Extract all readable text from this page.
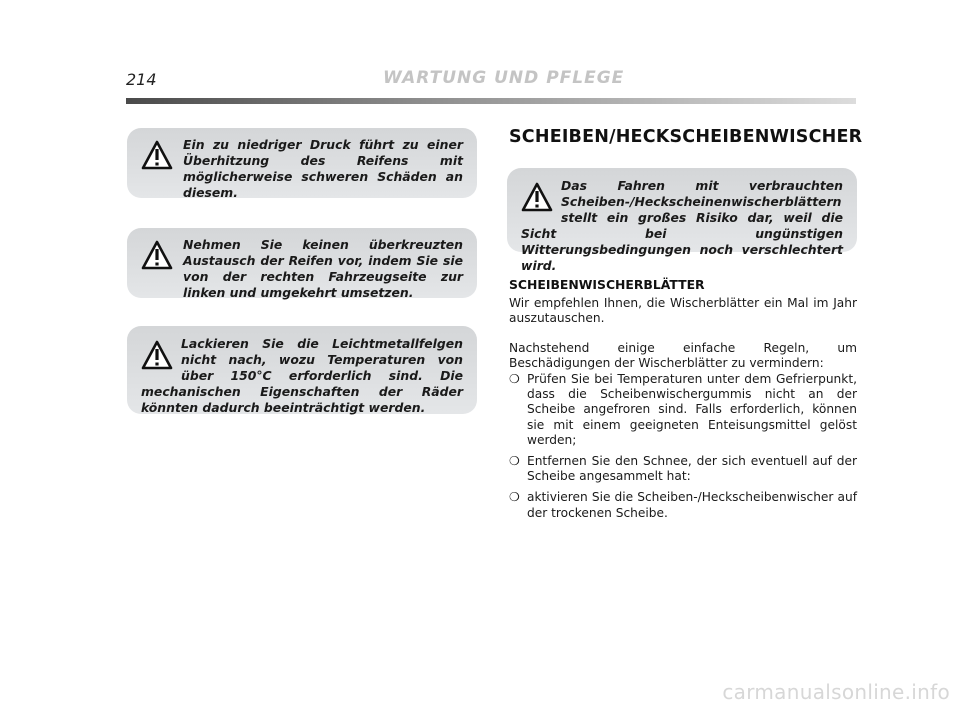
214	WARTUNG UND PFLEGE
Ein zu niedriger Druck führt zu einer Überhitzung des Reifens mit möglicherweise schweren Schäden an diesem.
Nehmen Sie keinen überkreuzten Austausch der Reifen vor, indem Sie sie von der rechten Fahrzeugseite zur linken und umgekehrt umsetzen.
Lackieren Sie die Leichtmetallfelgen nicht nach, wozu Temperaturen von über 150°C erforderlich sind. Die mechanischen Eigenschaften der Räder könnten dadurch beeinträchtigt werden.
SCHEIBEN/HECKSCHEIBENWISCHER
Das Fahren mit verbrauchten Scheiben-/Heckscheinenwischerblättern stellt ein großes Risiko dar, weil die Sicht bei ungünstigen Witterungsbedingungen noch verschlechtert wird.
SCHEIBENWISCHERBLÄTTER
Wir empfehlen Ihnen, die Wischerblätter ein Mal im Jahr auszutauschen.
Nachstehend einige einfache Regeln, um Beschädigungen der Wischerblätter zu vermindern:
❍ Prüfen Sie bei Temperaturen unter dem Gefrierpunkt, dass die Scheibenwischergummis nicht an der Scheibe angefroren sind. Falls erforderlich, können sie mit einem geeigneten Enteisungsmittel gelöst werden;
❍ Entfernen Sie den Schnee, der sich eventuell auf der Scheibe angesammelt hat:
❍ aktivieren Sie die Scheiben-/Heckscheibenwischer auf der trockenen Scheibe.
carmanualsonline.info
